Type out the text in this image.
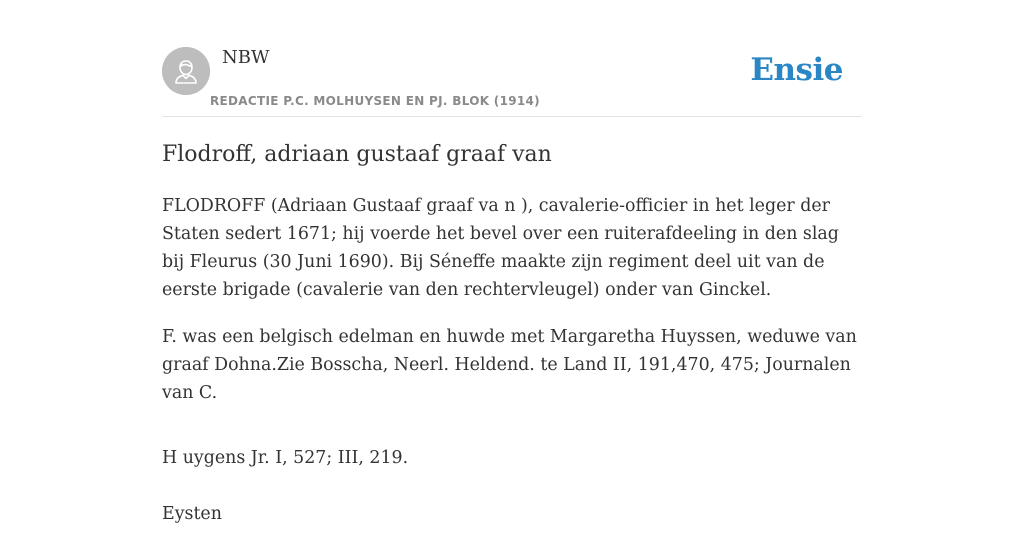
NBW
REDACTIE P.C. MOLHUYSEN EN PJ. BLOK (1914)
Ensie
Flodroff, adriaan gustaaf graaf van

FLODROFF (Adriaan Gustaaf graaf va n ), cavalerie-officier in het leger der Staten sedert 1671; hij voerde het bevel over een ruiterafdeeling in den slag bij Fleurus (30 Juni 1690). Bij Séneffe maakte zijn regiment deel uit van de eerste brigade (cavalerie van den rechtervleugel) onder van Ginckel.

F. was een belgisch edelman en huwde met Margaretha Huyssen, weduwe van graaf Dohna.Zie Bosscha, Neerl. Heldend. te Land II, 191,470, 475; Journalen van C.

H uygens Jr. I, 527; III, 219.

Eysten
